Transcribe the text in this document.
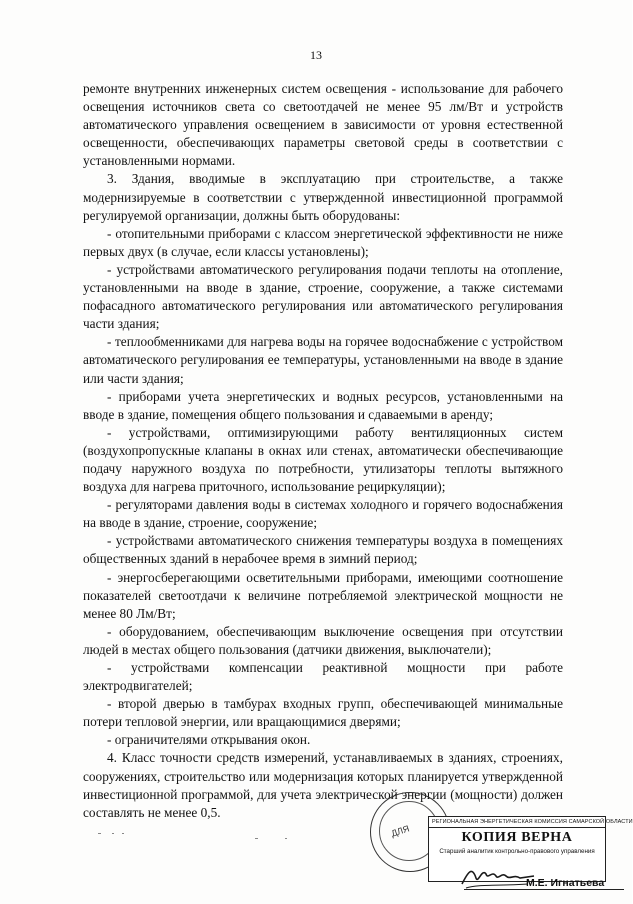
13

ремонте внутренних инженерных систем освещения - использование для рабочего освещения источников света со светоотдачей не менее 95 лм/Вт и устройств автоматического управления освещением в зависимости от уровня естественной освещенности, обеспечивающих параметры световой среды в соответствии с установленными нормами.

3. Здания, вводимые в эксплуатацию при строительстве, а также модернизируемые в соответствии с утвержденной инвестиционной программой регулируемой организации, должны быть оборудованы:

- отопительными приборами с классом энергетической эффективности не ниже первых двух (в случае, если классы установлены);

- устройствами автоматического регулирования подачи теплоты на отопление, установленными на вводе в здание, строение, сооружение, а также системами пофасадного автоматического регулирования или автоматического регулирования части здания;

- теплообменниками для нагрева воды на горячее водоснабжение с устройством автоматического регулирования ее температуры, установленными на вводе в здание или части здания;

- приборами учета энергетических и водных ресурсов, установленными на вводе в здание, помещения общего пользования и сдаваемыми в аренду;

- устройствами, оптимизирующими работу вентиляционных систем (воздухопропускные клапаны в окнах или стенах, автоматически обеспечивающие подачу наружного воздуха по потребности, утилизаторы теплоты вытяжного воздуха для нагрева приточного, использование рециркуляции);

- регуляторами давления воды в системах холодного и горячего водоснабжения на вводе в здание, строение, сооружение;

- устройствами автоматического снижения температуры воздуха в помещениях общественных зданий в нерабочее время в зимний период;

- энергосберегающими осветительными приборами, имеющими соотношение показателей светоотдачи к величине потребляемой электрической мощности не менее 80 Лм/Вт;

- оборудованием, обеспечивающим выключение освещения при отсутствии людей в местах общего пользования (датчики движения, выключатели);

- устройствами компенсации реактивной мощности при работе электродвигателей;

- второй дверью в тамбурах входных групп, обеспечивающей минимальные потери тепловой энергии, или вращающимися дверями;

- ограничителями открывания окон.

4. Класс точности средств измерений, устанавливаемых в зданиях, строениях, сооружениях, строительство или модернизация которых планируется утвержденной инвестиционной программой, для учета электрической энергии (мощности) должен составлять не менее 0,5.

ДЛЯ
РЕГИОНАЛЬНАЯ ЭНЕРГЕТИЧЕСКАЯ КОМИССИЯ САМАРСКОЙ ОБЛАСТИ
КОПИЯ ВЕРНА
Старший аналитик контрольно-правового управления
М.Е. Игнатьева
